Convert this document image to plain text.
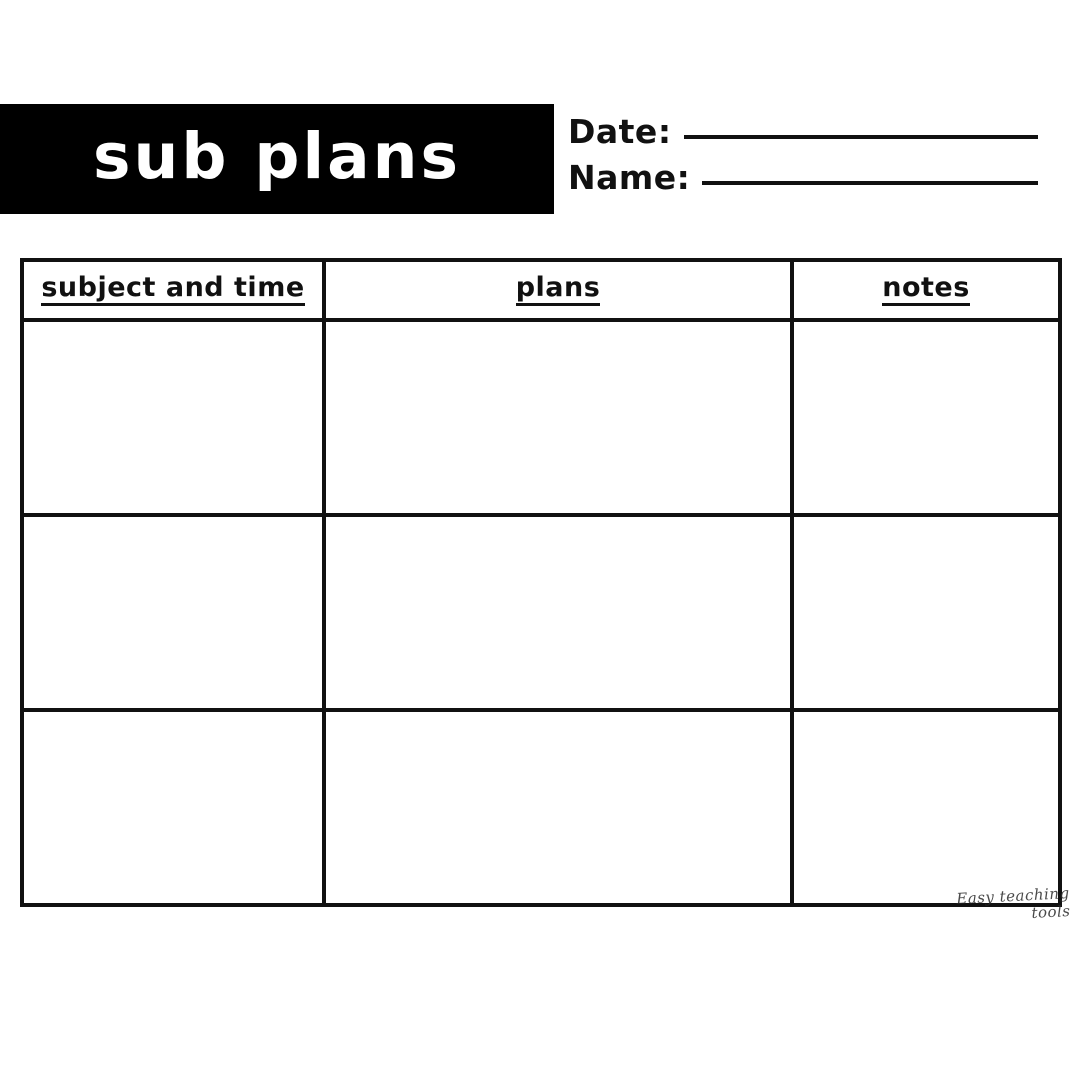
sub plans	Date:
Name:
subject and time	plans	notes
Easy teaching tools
